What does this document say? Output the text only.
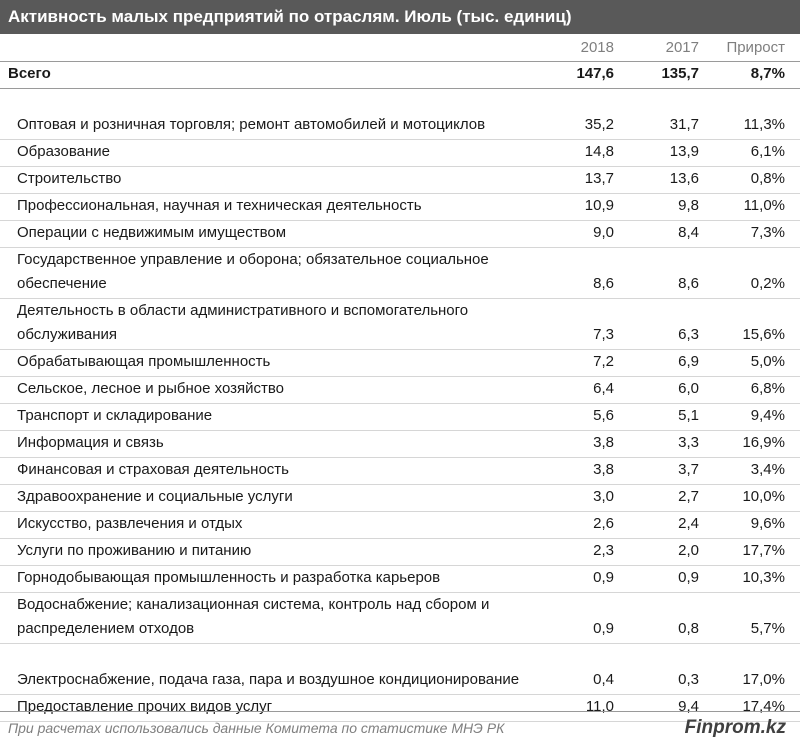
Активность малых предприятий по отраслям. Июль (тыс. единиц)
	2018	2017	Прирост
Всего	147,6	135,7	8,7%
Оптовая и розничная торговля; ремонт автомобилей и мотоциклов	35,2	31,7	11,3%
Образование	14,8	13,9	6,1%
Строительство	13,7	13,6	0,8%
Профессиональная, научная и техническая деятельность	10,9	9,8	11,0%
Операции с недвижимым имуществом	9,0	8,4	7,3%
Государственное управление и оборона; обязательное социальное обеспечение	8,6	8,6	0,2%
Деятельность в области административного и вспомогательного обслуживания	7,3	6,3	15,6%
Обрабатывающая промышленность	7,2	6,9	5,0%
Сельское, лесное и рыбное хозяйство	6,4	6,0	6,8%
Транспорт и складирование	5,6	5,1	9,4%
Информация и связь	3,8	3,3	16,9%
Финансовая и страховая деятельность	3,8	3,7	3,4%
Здравоохранение и социальные услуги	3,0	2,7	10,0%
Искусство, развлечения и отдых	2,6	2,4	9,6%
Услуги по проживанию и питанию	2,3	2,0	17,7%
Горнодобывающая промышленность и разработка карьеров	0,9	0,9	10,3%
Водоснабжение; канализационная система, контроль над сбором и распределением отходов	0,9	0,8	5,7%
Электроснабжение, подача газа, пара и воздушное кондиционирование	0,4	0,3	17,0%
Предоставление прочих видов услуг	11,0	9,4	17,4%
При расчетах использовались данные Комитета по статистике МНЭ РК	Finprom.kz
